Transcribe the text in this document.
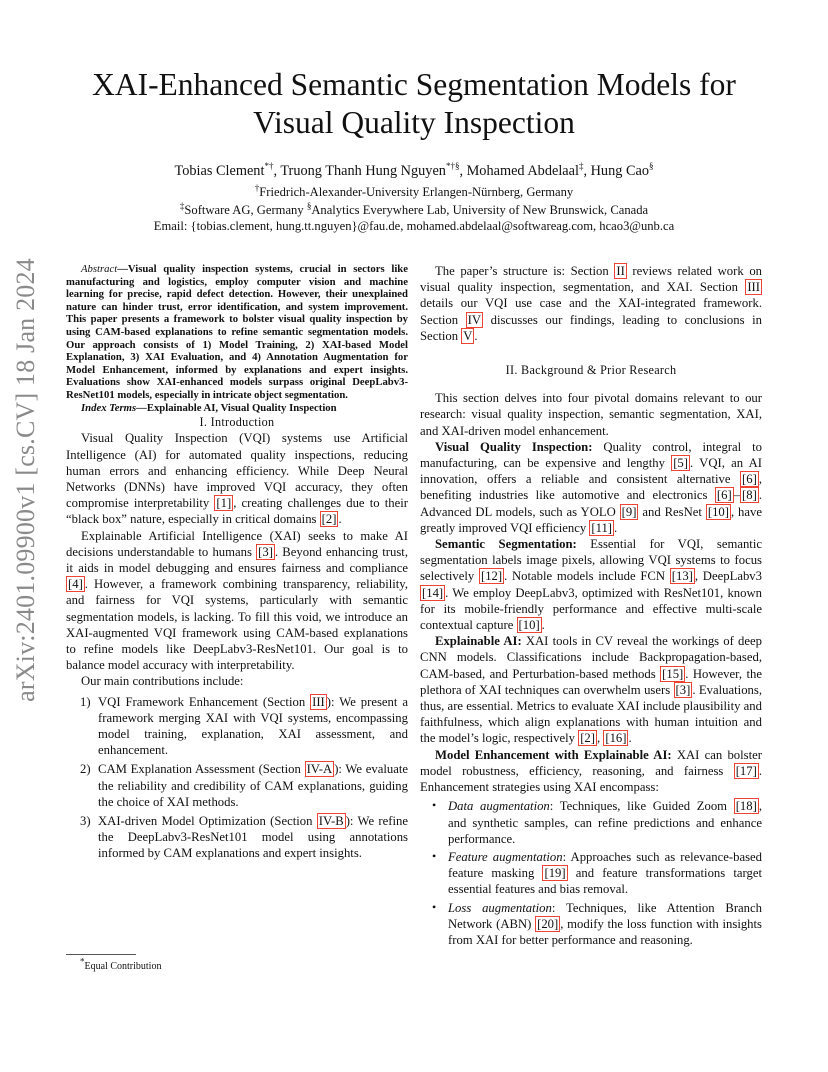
arXiv:2401.09900v1 [cs.CV] 18 Jan 2024
XAI-Enhanced Semantic Segmentation Models for
Visual Quality Inspection
Tobias Clement*†, Truong Thanh Hung Nguyen*†§, Mohamed Abdelaal‡, Hung Cao§
†Friedrich-Alexander-University Erlangen-Nürnberg, Germany
‡Software AG, Germany §Analytics Everywhere Lab, University of New Brunswick, Canada
Email: {tobias.clement, hung.tt.nguyen}@fau.de, mohamed.abdelaal@softwareag.com, hcao3@unb.ca

Abstract—Visual quality inspection systems, crucial in sectors like manufacturing and logistics, employ computer vision and machine learning for precise, rapid defect detection. However, their unexplained nature can hinder trust, error identification, and system improvement. This paper presents a framework to bolster visual quality inspection by using CAM-based explanations to refine semantic segmentation models. Our approach consists of 1) Model Training, 2) XAI-based Model Explanation, 3) XAI Evaluation, and 4) Annotation Augmentation for Model Enhancement, informed by explanations and expert insights. Evaluations show XAI-enhanced models surpass original DeepLabv3-ResNet101 models, especially in intricate object segmentation.

Index Terms—Explainable AI, Visual Quality Inspection

I. Introduction

Visual Quality Inspection (VQI) systems use Artificial Intelligence (AI) for automated quality inspections, reducing human errors and enhancing efficiency. While Deep Neural Networks (DNNs) have improved VQI accuracy, they often compromise interpretability [1] , creating challenges due to their “black box” nature, especially in critical domains [2] .

Explainable Artificial Intelligence (XAI) seeks to make AI decisions understandable to humans [3] . Beyond enhancing trust, it aids in model debugging and ensures fairness and compliance [4] . However, a framework combining transparency, reliability, and fairness for VQI systems, particularly with semantic segmentation models, is lacking. To fill this void, we introduce an XAI-augmented VQI framework using CAM-based explanations to refine models like DeepLabv3-ResNet101. Our goal is to balance model accuracy with interpretability.

Our main contributions include:

1) VQI Framework Enhancement (Section III ): We present a framework merging XAI with VQI systems, encompassing model training, explanation, XAI assessment, and enhancement.
2) CAM Explanation Assessment (Section IV-A ): We evaluate the reliability and credibility of CAM explanations, guiding the choice of XAI methods.
3) XAI-driven Model Optimization (Section IV-B ): We refine the DeepLabv3-ResNet101 model using annotations informed by CAM explanations and expert insights.
*Equal Contribution

The paper’s structure is: Section II reviews related work on visual quality inspection, segmentation, and XAI. Section III details our VQI use case and the XAI-integrated framework. Section IV discusses our findings, leading to conclusions in Section V .

II. Background & Prior Research

This section delves into four pivotal domains relevant to our research: visual quality inspection, semantic segmentation, XAI, and XAI-driven model enhancement.

Visual Quality Inspection: Quality control, integral to manufacturing, can be expensive and lengthy [5] . VQI, an AI innovation, offers a reliable and consistent alternative [6] , benefiting industries like automotive and electronics [6] – [8] . Advanced DL models, such as YOLO [9] and ResNet [10] , have greatly improved VQI efficiency [11] .

Semantic Segmentation: Essential for VQI, semantic segmentation labels image pixels, allowing VQI systems to focus selectively [12] . Notable models include FCN [13] , DeepLabv3 [14] . We employ DeepLabv3, optimized with ResNet101, known for its mobile-friendly performance and effective multi-scale contextual capture [10] .

Explainable AI: XAI tools in CV reveal the workings of deep CNN models. Classifications include Backpropagation-based, CAM-based, and Perturbation-based methods [15] . However, the plethora of XAI techniques can overwhelm users [3] . Evaluations, thus, are essential. Metrics to evaluate XAI include plausibility and faithfulness, which align explanations with human intuition and the model’s logic, respectively [2] , [16] .

Model Enhancement with Explainable AI: XAI can bolster model robustness, efficiency, reasoning, and fairness [17] . Enhancement strategies using XAI encompass:

• Data augmentation: Techniques, like Guided Zoom [18] , and synthetic samples, can refine predictions and enhance performance.
• Feature augmentation: Approaches such as relevance-based feature masking [19] and feature transformations target essential features and bias removal.
• Loss augmentation: Techniques, like Attention Branch Network (ABN) [20] , modify the loss function with insights from XAI for better performance and reasoning.
